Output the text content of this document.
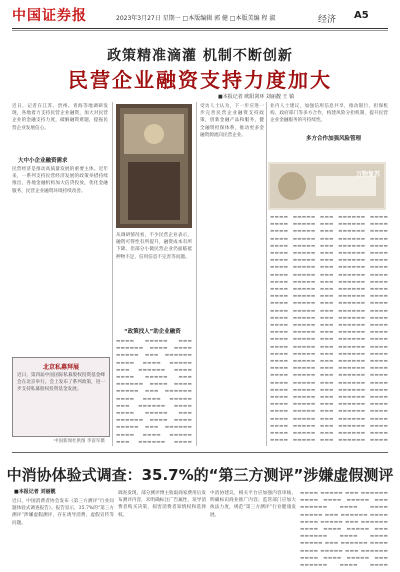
中国证券报	2023年3月27日 星期一 □本版编辑 郭 健 □本版美编 程 淑	经济 A5
政策精准滴灌 机制不断创新
民营企业融资支持力度加大
■本报记者 欧阳剑环 刘丽靓 王 镇
近日，记者在江苏、贵州、青海等地调研发现，各地着力支持民营企业融资，加大对民营企业的金融支持力度，破解融资难题，提振民营企业发展信心。
大中小企业融资需求
民营经济是推动高质量发展的重要主体。近年来，一系列支持民营经济发展的政策举措持续推出，各地金融机构加大信贷投放，优化金融服务，民营企业融资环境持续改善。
北京私募拜展
近日，第四届中国国际私募股权投资基金峰会在北京举行。会上发布了系列政策，进一步支持私募股权投资基金发展。
中国新闻社供图 李富军摄
从调研情况看，不少民营企业表示，融资可得性有所提升，融资成本有所下降。但部分小微民营企业仍面临抵押物不足、信用信息不完善等问题。
“政策找人”助企业融资
▬▬▬▬ ▬▬▬▬▬ ▬▬▬ ▬▬▬▬▬▬ ▬▬▬▬ ▬▬▬▬ ▬▬▬▬▬ ▬▬▬ ▬▬▬▬▬▬ ▬▬▬▬ ▬▬▬▬ ▬▬▬▬▬ ▬▬▬ ▬▬▬▬▬▬ ▬▬▬▬ ▬▬▬▬ ▬▬▬▬▬ ▬▬▬ ▬▬▬▬▬▬ ▬▬▬▬ ▬▬▬▬ ▬▬▬▬▬ ▬▬▬ ▬▬▬▬▬▬ ▬▬▬▬ ▬▬▬▬ ▬▬▬▬▬ ▬▬▬ ▬▬▬▬▬▬ ▬▬▬▬ ▬▬▬▬ ▬▬▬▬▬ ▬▬▬ ▬▬▬▬▬▬ ▬▬▬▬ ▬▬▬▬ ▬▬▬▬▬ ▬▬▬ ▬▬▬▬▬▬ ▬▬▬▬ ▬▬▬▬ ▬▬▬▬▬ ▬▬▬ ▬▬▬▬▬▬ ▬▬▬▬
受访人士认为，下一步应进一步完善民营企业融资支持政策，创新金融产品和服务，健全融资担保体系，推动更多金融资源流向民营企业。
业内人士建议，加强信用信息共享，推动银行、担保机构、政府部门等多方合作，构建风险分担机制，提升民营企业金融服务的可持续性。
多方合作加强风险管理
万物复苏
▬▬▬▬ ▬▬▬▬▬ ▬▬▬ ▬▬▬▬▬▬ ▬▬▬▬ ▬▬▬▬ ▬▬▬▬▬ ▬▬▬ ▬▬▬▬▬▬ ▬▬▬▬ ▬▬▬▬ ▬▬▬▬▬ ▬▬▬ ▬▬▬▬▬▬ ▬▬▬▬ ▬▬▬▬ ▬▬▬▬▬ ▬▬▬ ▬▬▬▬▬▬ ▬▬▬▬ ▬▬▬▬ ▬▬▬▬▬ ▬▬▬ ▬▬▬▬▬▬ ▬▬▬▬ ▬▬▬▬ ▬▬▬▬▬ ▬▬▬ ▬▬▬▬▬▬ ▬▬▬▬ ▬▬▬▬ ▬▬▬▬▬ ▬▬▬ ▬▬▬▬▬▬ ▬▬▬▬ ▬▬▬▬ ▬▬▬▬▬ ▬▬▬ ▬▬▬▬▬▬ ▬▬▬▬ ▬▬▬▬ ▬▬▬▬▬ ▬▬▬ ▬▬▬▬▬▬ ▬▬▬▬ ▬▬▬▬ ▬▬▬▬▬ ▬▬▬ ▬▬▬▬▬▬ ▬▬▬▬ ▬▬▬▬ ▬▬▬▬▬ ▬▬▬ ▬▬▬▬▬▬ ▬▬▬▬ ▬▬▬▬ ▬▬▬▬▬ ▬▬▬ ▬▬▬▬▬▬ ▬▬▬▬ ▬▬▬▬ ▬▬▬▬▬ ▬▬▬ ▬▬▬▬▬▬ ▬▬▬▬ ▬▬▬▬ ▬▬▬▬▬ ▬▬▬ ▬▬▬▬▬▬ ▬▬▬▬ ▬▬▬▬ ▬▬▬▬▬ ▬▬▬ ▬▬▬▬▬▬ ▬▬▬▬ ▬▬▬▬ ▬▬▬▬▬ ▬▬▬ ▬▬▬▬▬▬ ▬▬▬▬ ▬▬▬▬ ▬▬▬▬▬ ▬▬▬ ▬▬▬▬▬▬ ▬▬▬▬ ▬▬▬▬ ▬▬▬▬▬ ▬▬▬ ▬▬▬▬▬▬ ▬▬▬▬ ▬▬▬▬ ▬▬▬▬▬ ▬▬▬ ▬▬▬▬▬▬ ▬▬▬▬ ▬▬▬▬ ▬▬▬▬▬ ▬▬▬ ▬▬▬▬▬▬ ▬▬▬▬ ▬▬▬▬ ▬▬▬▬▬ ▬▬▬ ▬▬▬▬▬▬ ▬▬▬▬ ▬▬▬▬ ▬▬▬▬▬ ▬▬▬ ▬▬▬▬▬▬ ▬▬▬▬ ▬▬▬▬ ▬▬▬▬▬ ▬▬▬ ▬▬▬▬▬▬ ▬▬▬▬ ▬▬▬▬ ▬▬▬▬▬ ▬▬▬ ▬▬▬▬▬▬ ▬▬▬▬ ▬▬▬▬ ▬▬▬▬▬ ▬▬▬ ▬▬▬▬▬▬ ▬▬▬▬ ▬▬▬▬ ▬▬▬▬▬ ▬▬▬ ▬▬▬▬▬▬ ▬▬▬▬ ▬▬▬▬ ▬▬▬▬▬ ▬▬▬ ▬▬▬▬▬▬ ▬▬▬▬ ▬▬▬▬ ▬▬▬▬▬ ▬▬▬ ▬▬▬▬▬▬ ▬▬▬▬ ▬▬▬▬ ▬▬▬▬▬ ▬▬▬ ▬▬▬▬▬▬ ▬▬▬▬ ▬▬▬▬ ▬▬▬▬▬ ▬▬▬ ▬▬▬▬▬▬ ▬▬▬▬ ▬▬▬▬ ▬▬▬▬▬ ▬▬▬ ▬▬▬▬▬▬ ▬▬▬▬ ▬▬▬▬ ▬▬▬▬▬ ▬▬▬ ▬▬▬▬▬▬ ▬▬▬▬
中消协体验式调查：35.7%的“第三方测评”涉嫌虚假测评
■本报记者 刘丽靓
近日，中国消费者协会发布《第三方测评”行业问题体验式调查报告》。报告显示，35.7%的“第三方测评”涉嫌虚假测评，存在诱导消费、虚假宣传等问题。
调查发现，部分测评博主收取商家费用后发布测评内容，未明确标注广告属性，误导消费者购买决策，损害消费者知情权和选择权。
中消协建议，相关平台应加强内容审核，明确标识商业推广内容；监管部门应加大执法力度，规范“第三方测评”行业健康发展。
▬▬▬▬ ▬▬▬▬▬ ▬▬▬ ▬▬▬▬▬▬ ▬▬▬▬ ▬▬▬▬ ▬▬▬▬▬ ▬▬▬ ▬▬▬▬▬▬ ▬▬▬▬ ▬▬▬▬ ▬▬▬▬▬ ▬▬▬ ▬▬▬▬▬▬ ▬▬▬▬ ▬▬▬▬ ▬▬▬▬▬ ▬▬▬ ▬▬▬▬▬▬ ▬▬▬▬ ▬▬▬▬ ▬▬▬▬▬ ▬▬▬ ▬▬▬▬▬▬ ▬▬▬▬ ▬▬▬▬ ▬▬▬▬▬ ▬▬▬ ▬▬▬▬▬▬ ▬▬▬▬ ▬▬▬▬ ▬▬▬▬▬ ▬▬▬ ▬▬▬▬▬▬ ▬▬▬▬ ▬▬▬▬ ▬▬▬▬▬ ▬▬▬ ▬▬▬▬▬▬ ▬▬▬▬ ▬▬▬▬
